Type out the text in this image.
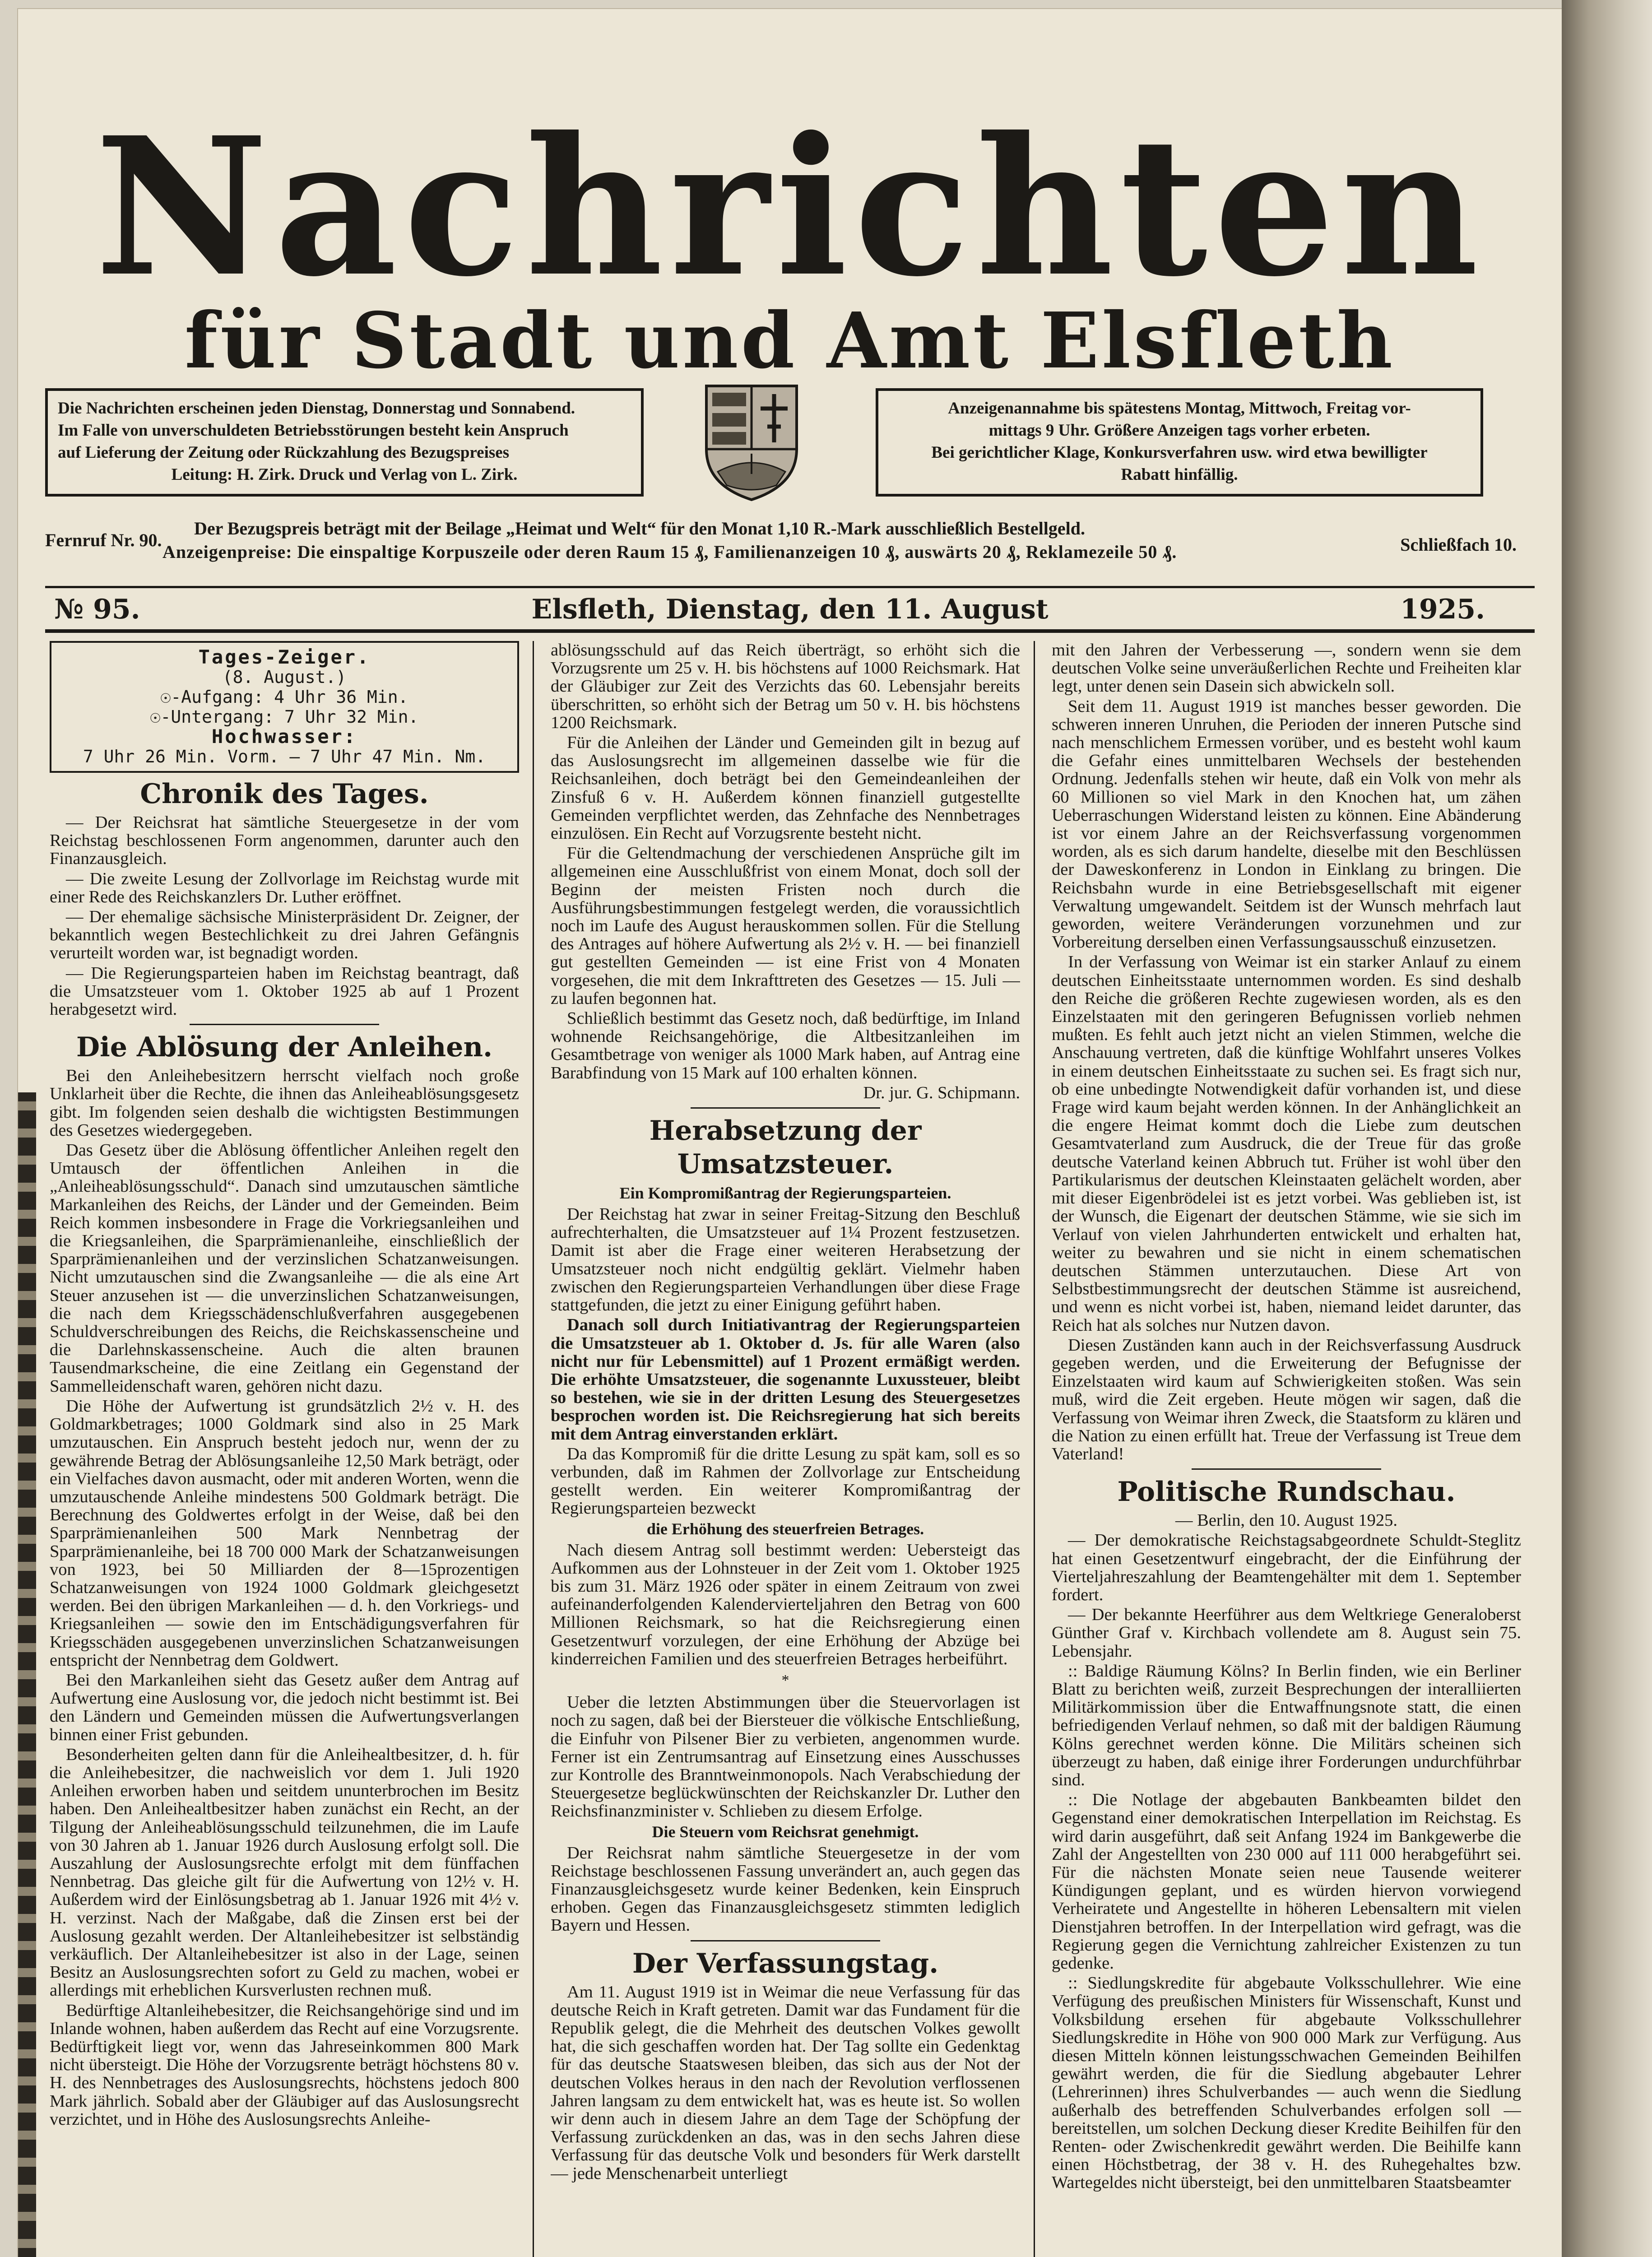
Nachrichten
für Stadt und Amt Elsfleth

Die Nachrichten erscheinen jeden Dienstag, Donnerstag und Sonnabend.

Im Falle von unverschuldeten Betriebsstörungen besteht kein Anspruch

auf Lieferung der Zeitung oder Rückzahlung des Bezugspreises

Leitung: H. Zirk. Druck und Verlag von L. Zirk.

Anzeigenannahme bis spätestens Montag, Mittwoch, Freitag vor-

mittags 9 Uhr. Größere Anzeigen tags vorher erbeten.

Bei gerichtlicher Klage, Konkursverfahren usw. wird etwa bewilligter

Rabatt hinfällig.

Fernruf Nr. 90.
Der Bezugspreis beträgt mit der Beilage „Heimat und Welt“ für den Monat 1,10 R.-Mark ausschließlich Bestellgeld.
Anzeigenpreise: Die einspaltige Korpuszeile oder deren Raum 15 ₰, Familienanzeigen 10 ₰, auswärts 20 ₰, Reklamezeile 50 ₰.	Schließfach 10.
№ 95.	Elsfleth, Dienstag, den 11. August	1925.
Tages-Zeiger.
(8. August.)
☉-Aufgang: 4 Uhr 36 Min.
☉-Untergang: 7 Uhr 32 Min.
Hochwasser:
7 Uhr 26 Min. Vorm. — 7 Uhr 47 Min. Nm.
Chronik des Tages.

— Der Reichsrat hat sämtliche Steuergesetze in der vom Reichstag beschlossenen Form angenommen, darunter auch den Finanzausgleich.

— Die zweite Lesung der Zollvorlage im Reichstag wurde mit einer Rede des Reichskanzlers Dr. Luther eröffnet.

— Der ehemalige sächsische Ministerpräsident Dr. Zeigner, der bekanntlich wegen Bestechlichkeit zu drei Jahren Gefängnis verurteilt worden war, ist begnadigt worden.

— Die Regierungsparteien haben im Reichstag beantragt, daß die Umsatzsteuer vom 1. Oktober 1925 ab auf 1 Prozent herabgesetzt wird.

Die Ablösung der Anleihen.

Bei den Anleihebesitzern herrscht vielfach noch große Unklarheit über die Rechte, die ihnen das Anleiheablösungsgesetz gibt. Im folgenden seien deshalb die wichtigsten Bestimmungen des Gesetzes wiedergegeben.

Das Gesetz über die Ablösung öffentlicher Anleihen regelt den Umtausch der öffentlichen Anleihen in die „Anleiheablösungsschuld“. Danach sind umzutauschen sämtliche Markanleihen des Reichs, der Länder und der Gemeinden. Beim Reich kommen insbesondere in Frage die Vorkriegsanleihen und die Kriegsanleihen, die Sparprämienanleihe, einschließlich der Sparprämienanleihen und der verzinslichen Schatzanweisungen. Nicht umzutauschen sind die Zwangsanleihe — die als eine Art Steuer anzusehen ist — die unverzinslichen Schatzanweisungen, die nach dem Kriegsschädenschlußverfahren ausgegebenen Schuldverschreibungen des Reichs, die Reichskassenscheine und die Darlehnskassenscheine. Auch die alten braunen Tausendmarkscheine, die eine Zeitlang ein Gegenstand der Sammelleidenschaft waren, gehören nicht dazu.

Die Höhe der Aufwertung ist grundsätzlich 2½ v. H. des Goldmarkbetrages; 1000 Goldmark sind also in 25 Mark umzutauschen. Ein Anspruch besteht jedoch nur, wenn der zu gewährende Betrag der Ablösungsanleihe 12,50 Mark beträgt, oder ein Vielfaches davon ausmacht, oder mit anderen Worten, wenn die umzutauschende Anleihe mindestens 500 Goldmark beträgt. Die Berechnung des Goldwertes erfolgt in der Weise, daß bei den Sparprämienanleihen 500 Mark Nennbetrag der Sparprämienanleihe, bei 18 700 000 Mark der Schatzanweisungen von 1923, bei 50 Milliarden der 8—15prozentigen Schatzanweisungen von 1924 1000 Goldmark gleichgesetzt werden. Bei den übrigen Markanleihen — d. h. den Vorkriegs- und Kriegsanleihen — sowie den im Entschädigungsverfahren für Kriegsschäden ausgegebenen unverzinslichen Schatzanweisungen entspricht der Nennbetrag dem Goldwert.

Bei den Markanleihen sieht das Gesetz außer dem Antrag auf Aufwertung eine Auslosung vor, die jedoch nicht bestimmt ist. Bei den Ländern und Gemeinden müssen die Aufwertungsverlangen binnen einer Frist gebunden.

Besonderheiten gelten dann für die Anleihealtbesitzer, d. h. für die Anleihebesitzer, die nachweislich vor dem 1. Juli 1920 Anleihen erworben haben und seitdem ununterbrochen im Besitz haben. Den Anleihealtbesitzer haben zunächst ein Recht, an der Tilgung der Anleiheablösungsschuld teilzunehmen, die im Laufe von 30 Jahren ab 1. Januar 1926 durch Auslosung erfolgt soll. Die Auszahlung der Auslosungsrechte erfolgt mit dem fünffachen Nennbetrag. Das gleiche gilt für die Aufwertung von 12½ v. H. Außerdem wird der Einlösungsbetrag ab 1. Januar 1926 mit 4½ v. H. verzinst. Nach der Maßgabe, daß die Zinsen erst bei der Auslosung gezahlt werden. Der Altanleihebesitzer ist selbständig verkäuflich. Der Altanleihebesitzer ist also in der Lage, seinen Besitz an Auslosungsrechten sofort zu Geld zu machen, wobei er allerdings mit erheblichen Kursverlusten rechnen muß.

Bedürftige Altanleihebesitzer, die Reichsangehörige sind und im Inlande wohnen, haben außerdem das Recht auf eine Vorzugsrente. Bedürftigkeit liegt vor, wenn das Jahreseinkommen 800 Mark nicht übersteigt. Die Höhe der Vorzugsrente beträgt höchstens 80 v. H. des Nennbetrages des Auslosungsrechts, höchstens jedoch 800 Mark jährlich. Sobald aber der Gläubiger auf das Auslosungsrecht verzichtet, und in Höhe des Auslosungsrechts Anleihe-

ablösungsschuld auf das Reich überträgt, so erhöht sich die Vorzugsrente um 25 v. H. bis höchstens auf 1000 Reichsmark. Hat der Gläubiger zur Zeit des Verzichts das 60. Lebensjahr bereits überschritten, so erhöht sich der Betrag um 50 v. H. bis höchstens 1200 Reichsmark.

Für die Anleihen der Länder und Gemeinden gilt in bezug auf das Auslosungsrecht im allgemeinen dasselbe wie für die Reichsanleihen, doch beträgt bei den Gemeindeanleihen der Zinsfuß 6 v. H. Außerdem können finanziell gutgestellte Gemeinden verpflichtet werden, das Zehnfache des Nennbetrages einzulösen. Ein Recht auf Vorzugsrente besteht nicht.

Für die Geltendmachung der verschiedenen Ansprüche gilt im allgemeinen eine Ausschlußfrist von einem Monat, doch soll der Beginn der meisten Fristen noch durch die Ausführungsbestimmungen festgelegt werden, die voraussichtlich noch im Laufe des August herauskommen sollen. Für die Stellung des Antrages auf höhere Aufwertung als 2½ v. H. — bei finanziell gut gestellten Gemeinden — ist eine Frist von 4 Monaten vorgesehen, die mit dem Inkrafttreten des Gesetzes — 15. Juli — zu laufen begonnen hat.

Schließlich bestimmt das Gesetz noch, daß bedürftige, im Inland wohnende Reichsangehörige, die Altbesitzanleihen im Gesamtbetrage von weniger als 1000 Mark haben, auf Antrag eine Barabfindung von 15 Mark auf 100 erhalten können.

Dr. jur. G. Schipmann.

Herabsetzung der Umsatzsteuer.
Ein Kompromißantrag der Regierungsparteien.

Der Reichstag hat zwar in seiner Freitag-Sitzung den Beschluß aufrechterhalten, die Umsatzsteuer auf 1¼ Prozent festzusetzen. Damit ist aber die Frage einer weiteren Herabsetzung der Umsatzsteuer noch nicht endgültig geklärt. Vielmehr haben zwischen den Regierungsparteien Verhandlungen über diese Frage stattgefunden, die jetzt zu einer Einigung geführt haben.

Danach soll durch Initiativantrag der Regierungsparteien die Umsatzsteuer ab 1. Oktober d. Js. für alle Waren (also nicht nur für Lebensmittel) auf 1 Prozent ermäßigt werden. Die erhöhte Umsatzsteuer, die sogenannte Luxussteuer, bleibt so bestehen, wie sie in der dritten Lesung des Steuergesetzes besprochen worden ist. Die Reichsregierung hat sich bereits mit dem Antrag einverstanden erklärt.

Da das Kompromiß für die dritte Lesung zu spät kam, soll es so verbunden, daß im Rahmen der Zollvorlage zur Entscheidung gestellt werden. Ein weiterer Kompromißantrag der Regierungsparteien bezweckt

die Erhöhung des steuerfreien Betrages.

Nach diesem Antrag soll bestimmt werden: Uebersteigt das Aufkommen aus der Lohnsteuer in der Zeit vom 1. Oktober 1925 bis zum 31. März 1926 oder später in einem Zeitraum von zwei aufeinanderfolgenden Kalendervierteljahren den Betrag von 600 Millionen Reichsmark, so hat die Reichsregierung einen Gesetzentwurf vorzulegen, der eine Erhöhung der Abzüge bei kinderreichen Familien und des steuerfreien Betrages herbeiführt.

*

Ueber die letzten Abstimmungen über die Steuervorlagen ist noch zu sagen, daß bei der Biersteuer die völkische Entschließung, die Einfuhr von Pilsener Bier zu verbieten, angenommen wurde. Ferner ist ein Zentrumsantrag auf Einsetzung eines Ausschusses zur Kontrolle des Branntweinmonopols. Nach Verabschiedung der Steuergesetze beglückwünschten der Reichskanzler Dr. Luther den Reichsfinanzminister v. Schlieben zu diesem Erfolge.

Die Steuern vom Reichsrat genehmigt.

Der Reichsrat nahm sämtliche Steuergesetze in der vom Reichstage beschlossenen Fassung unverändert an, auch gegen das Finanzausgleichsgesetz wurde keiner Bedenken, kein Einspruch erhoben. Gegen das Finanzausgleichsgesetz stimmten lediglich Bayern und Hessen.

Der Verfassungstag.

Am 11. August 1919 ist in Weimar die neue Verfassung für das deutsche Reich in Kraft getreten. Damit war das Fundament für die Republik gelegt, die die Mehrheit des deutschen Volkes gewollt hat, die sich geschaffen worden hat. Der Tag sollte ein Gedenktag für das deutsche Staatswesen bleiben, das sich aus der Not der deutschen Volkes heraus in den nach der Revolution verflossenen Jahren langsam zu dem entwickelt hat, was es heute ist. So wollen wir denn auch in diesem Jahre an dem Tage der Schöpfung der Verfassung zurückdenken an das, was in den sechs Jahren diese Verfassung für das deutsche Volk und besonders für Werk darstellt — jede Menschenarbeit unterliegt

mit den Jahren der Verbesserung —, sondern wenn sie dem deutschen Volke seine unveräußerlichen Rechte und Freiheiten klar legt, unter denen sein Dasein sich abwickeln soll.

Seit dem 11. August 1919 ist manches besser geworden. Die schweren inneren Unruhen, die Perioden der inneren Putsche sind nach menschlichem Ermessen vorüber, und es besteht wohl kaum die Gefahr eines unmittelbaren Wechsels der bestehenden Ordnung. Jedenfalls stehen wir heute, daß ein Volk von mehr als 60 Millionen so viel Mark in den Knochen hat, um zähen Ueberraschungen Widerstand leisten zu können. Eine Abänderung ist vor einem Jahre an der Reichsverfassung vorgenommen worden, als es sich darum handelte, dieselbe mit den Beschlüssen der Daweskonferenz in London in Einklang zu bringen. Die Reichsbahn wurde in eine Betriebsgesellschaft mit eigener Verwaltung umgewandelt. Seitdem ist der Wunsch mehrfach laut geworden, weitere Veränderungen vorzunehmen und zur Vorbereitung derselben einen Verfassungsausschuß einzusetzen.

In der Verfassung von Weimar ist ein starker Anlauf zu einem deutschen Einheitsstaate unternommen worden. Es sind deshalb den Reiche die größeren Rechte zugewiesen worden, als es den Einzelstaaten mit den geringeren Befugnissen vorlieb nehmen mußten. Es fehlt auch jetzt nicht an vielen Stimmen, welche die Anschauung vertreten, daß die künftige Wohlfahrt unseres Volkes in einem deutschen Einheitsstaate zu suchen sei. Es fragt sich nur, ob eine unbedingte Notwendigkeit dafür vorhanden ist, und diese Frage wird kaum bejaht werden können. In der Anhänglichkeit an die engere Heimat kommt doch die Liebe zum deutschen Gesamtvaterland zum Ausdruck, die der Treue für das große deutsche Vaterland keinen Abbruch tut. Früher ist wohl über den Partikularismus der deutschen Kleinstaaten gelächelt worden, aber mit dieser Eigenbrödelei ist es jetzt vorbei. Was geblieben ist, ist der Wunsch, die Eigenart der deutschen Stämme, wie sie sich im Verlauf von vielen Jahrhunderten entwickelt und erhalten hat, weiter zu bewahren und sie nicht in einem schematischen deutschen Stämmen unterzutauchen. Diese Art von Selbstbestimmungsrecht der deutschen Stämme ist ausreichend, und wenn es nicht vorbei ist, haben, niemand leidet darunter, das Reich hat als solches nur Nutzen davon.

Diesen Zuständen kann auch in der Reichsverfassung Ausdruck gegeben werden, und die Erweiterung der Befugnisse der Einzelstaaten wird kaum auf Schwierigkeiten stoßen. Was sein muß, wird die Zeit ergeben. Heute mögen wir sagen, daß die Verfassung von Weimar ihren Zweck, die Staatsform zu klären und die Nation zu einen erfüllt hat. Treue der Verfassung ist Treue dem Vaterland!

Politische Rundschau.

— Berlin, den 10. August 1925.

— Der demokratische Reichstagsabgeordnete Schuldt-Steglitz hat einen Gesetzentwurf eingebracht, der die Einführung der Vierteljahreszahlung der Beamtengehälter mit dem 1. September fordert.

— Der bekannte Heerführer aus dem Weltkriege Generaloberst Günther Graf v. Kirchbach vollendete am 8. August sein 75. Lebensjahr.

:: Baldige Räumung Kölns? In Berlin finden, wie ein Berliner Blatt zu berichten weiß, zurzeit Besprechungen der interalliierten Militärkommission über die Entwaffnungsnote statt, die einen befriedigenden Verlauf nehmen, so daß mit der baldigen Räumung Kölns gerechnet werden könne. Die Militärs scheinen sich überzeugt zu haben, daß einige ihrer Forderungen undurchführbar sind.

:: Die Notlage der abgebauten Bankbeamten bildet den Gegenstand einer demokratischen Interpellation im Reichstag. Es wird darin ausgeführt, daß seit Anfang 1924 im Bankgewerbe die Zahl der Angestellten von 230 000 auf 111 000 herabgeführt sei. Für die nächsten Monate seien neue Tausende weiterer Kündigungen geplant, und es würden hiervon vorwiegend Verheiratete und Angestellte in höheren Lebensaltern mit vielen Dienstjahren betroffen. In der Interpellation wird gefragt, was die Regierung gegen die Vernichtung zahlreicher Existenzen zu tun gedenke.

:: Siedlungskredite für abgebaute Volksschullehrer. Wie eine Verfügung des preußischen Ministers für Wissenschaft, Kunst und Volksbildung ersehen für abgebaute Volksschullehrer Siedlungskredite in Höhe von 900 000 Mark zur Verfügung. Aus diesen Mitteln können leistungsschwachen Gemeinden Beihilfen gewährt werden, die für die Siedlung abgebauter Lehrer (Lehrerinnen) ihres Schulverbandes — auch wenn die Siedlung außerhalb des betreffenden Schulverbandes erfolgen soll — bereitstellen, um solchen Deckung dieser Kredite Beihilfen für den Renten- oder Zwischenkredit gewährt werden. Die Beihilfe kann einen Höchstbetrag, der 38 v. H. des Ruhegehaltes bzw. Wartegeldes nicht übersteigt, bei den unmittelbaren Staatsbeamter
